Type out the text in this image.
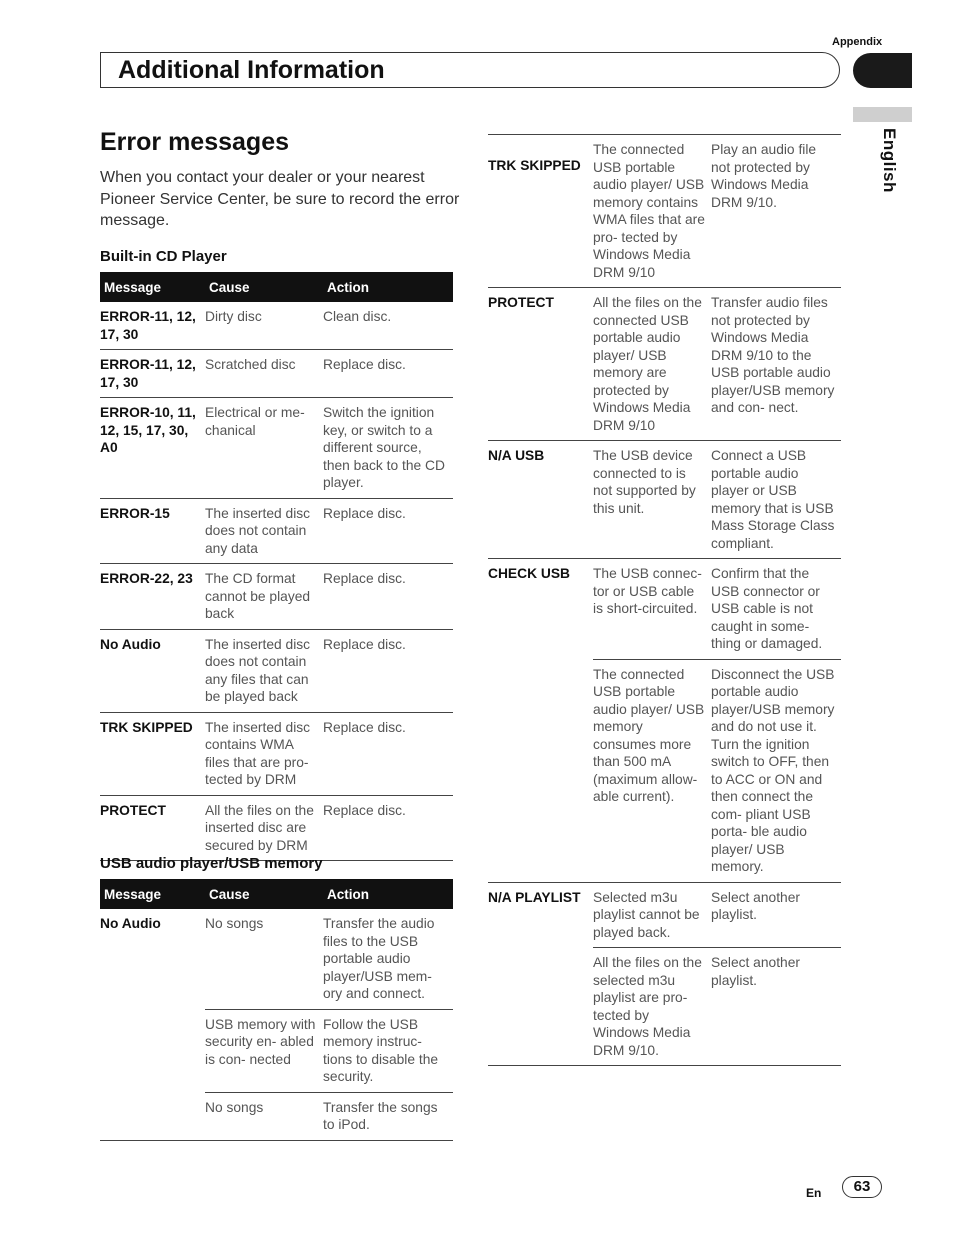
Appendix
Additional Information
English
Error messages
When you contact your dealer or your nearest Pioneer Service Center, be sure to record the error message.
Built-in CD Player
Message	Cause	Action
ERROR-11, 12, 17, 30	Dirty disc	Clean disc.
ERROR-11, 12, 17, 30	Scratched disc	Replace disc.
ERROR-10, 11, 12, 15, 17, 30, A0	Electrical or me- chanical	Switch the ignition key, or switch to a different source, then back to the CD player.
ERROR-15	The inserted disc does not contain any data	Replace disc.
ERROR-22, 23	The CD format cannot be played back	Replace disc.
No Audio	The inserted disc does not contain any files that can be played back	Replace disc.
TRK SKIPPED	The inserted disc contains WMA files that are pro- tected by DRM	Replace disc.
PROTECT	All the files on the inserted disc are secured by DRM	Replace disc.
USB audio player/USB memory
Message	Cause	Action
No Audio	No songs	Transfer the audio files to the USB portable audio player/USB mem- ory and connect.
	USB memory with security en- abled is con- nected	Follow the USB memory instruc- tions to disable the security.
	No songs	Transfer the songs to iPod.
TRK SKIPPED	The connected USB portable audio player/ USB memory contains WMA files that are pro- tected by Windows Media DRM 9/10	Play an audio file not protected by Windows Media DRM 9/10.
PROTECT	All the files on the connected USB portable audio player/ USB memory are protected by Windows Media DRM 9/10	Transfer audio files not protected by Windows Media DRM 9/10 to the USB portable audio player/USB memory and con- nect.
N/A USB	The USB device connected to is not supported by this unit.	Connect a USB portable audio player or USB memory that is USB Mass Storage Class compliant.
CHECK USB	The USB connec- tor or USB cable is short-circuited.	Confirm that the USB connector or USB cable is not caught in some- thing or damaged.
	The connected USB portable audio player/ USB memory consumes more than 500 mA (maximum allow- able current).	Disconnect the USB portable audio player/USB memory and do not use it. Turn the ignition switch to OFF, then to ACC or ON and then connect the com- pliant USB porta- ble audio player/ USB memory.
N/A PLAYLIST	Selected m3u playlist cannot be played back.	Select another playlist.
	All the files on the selected m3u playlist are pro- tected by Windows Media DRM 9/10.	Select another playlist.
En	63
